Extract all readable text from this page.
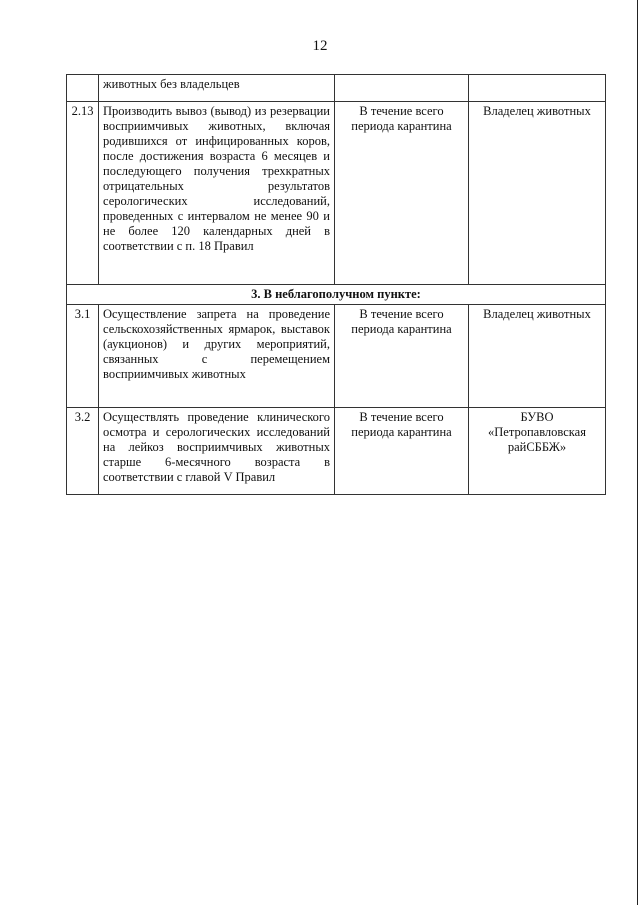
12
	животных без владельцев		
2.13	Производить вывоз (вывод) из резервации восприимчивых животных, включая родившихся от инфицированных коров, после достижения возраста 6 месяцев и последующего получения трехкратных отрицательных результатов серологических исследований, проведенных с интервалом не менее 90 и не более 120 календарных дней в соответствии с п. 18 Правил	В течение всего периода карантина	Владелец животных
3. В неблагополучном пункте:			
3.1	Осуществление запрета на проведение сельскохозяйственных ярмарок, выставок (аукционов) и других мероприятий, связанных с перемещением восприимчивых животных	В течение всего периода карантина	Владелец животных
3.2	Осуществлять проведение клинического осмотра и серологических исследований на лейкоз восприимчивых животных старше 6-месячного возраста в соответствии с главой V Правил	В течение всего периода карантина	БУВО «Петропавловская райСББЖ»
